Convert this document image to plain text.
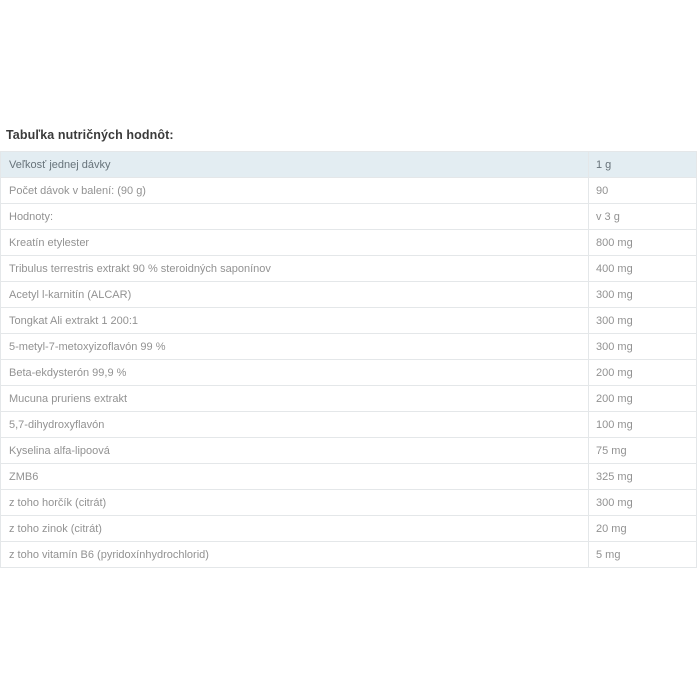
Tabuľka nutričných hodnôt:
Veľkosť jednej dávky	1 g
Počet dávok v balení: (90 g)	90
Hodnoty:	v 3 g
Kreatín etylester	800 mg
Tribulus terrestris extrakt 90 % steroidných saponínov	400 mg
Acetyl l-karnitín (ALCAR)	300 mg
Tongkat Ali extrakt 1 200:1	300 mg
5-metyl-7-metoxyizoflavón 99 %	300 mg
Beta-ekdysterón 99,9 %	200 mg
Mucuna pruriens extrakt	200 mg
5,7-dihydroxyflavón	100 mg
Kyselina alfa-lipoová	75 mg
ZMB6	325 mg
z toho horčík (citrát)	300 mg
z toho zinok (citrát)	20 mg
z toho vitamín B6 (pyridoxínhydrochlorid)	5 mg
